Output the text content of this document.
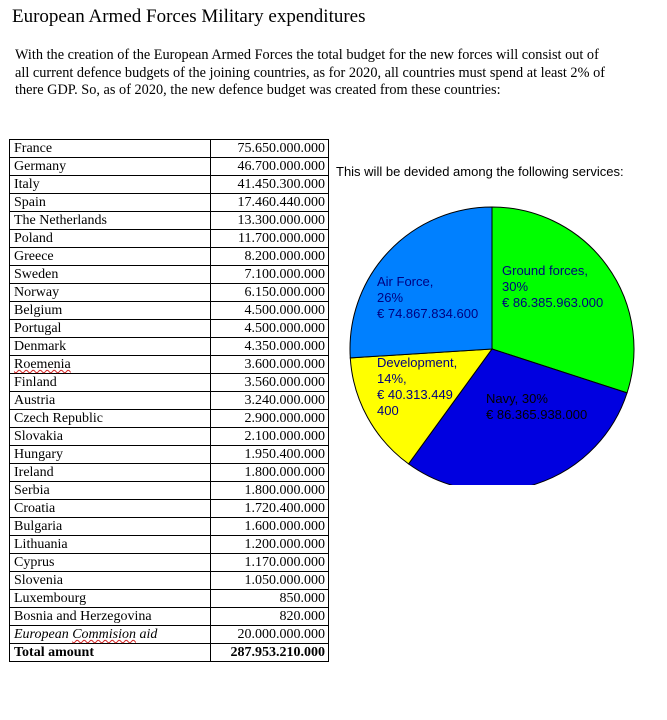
European Armed Forces Military expenditures
With the creation of the European Armed Forces the total budget for the new forces will consist out of all current defence budgets of the joining countries, as for 2020, all countries must spend at least 2% of there GDP. So, as of 2020, the new defence budget was created from these countries:
France	75.650.000.000
Germany	46.700.000.000
Italy	41.450.300.000
Spain	17.460.440.000
The Netherlands	13.300.000.000
Poland	11.700.000.000
Greece	8.200.000.000
Sweden	7.100.000.000
Norway	6.150.000.000
Belgium	4.500.000.000
Portugal	4.500.000.000
Denmark	4.350.000.000
Roemenia	3.600.000.000
Finland	3.560.000.000
Austria	3.240.000.000
Czech Republic	2.900.000.000
Slovakia	2.100.000.000
Hungary	1.950.400.000
Ireland	1.800.000.000
Serbia	1.800.000.000
Croatia	1.720.400.000
Bulgaria	1.600.000.000
Lithuania	1.200.000.000
Cyprus	1.170.000.000
Slovenia	1.050.000.000
Luxembourg	850.000
Bosnia and Herzegovina	820.000
European Commision aid	20.000.000.000
Total amount	287.953.210.000
This will be devided among the following services:
Ground forces, 30% € 86.385.963.000
Navy, 30% € 86.365.938.000
Development, 14%, € 40.313.449 400
Air Force, 26% € 74.867.834.600
